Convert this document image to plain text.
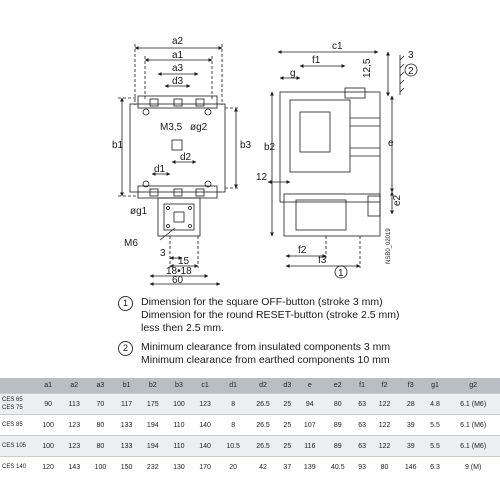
a2
a1
a3
d3
M3,5 øg2
b1	b3
d2
d1
øg1
M6
3
15
18•18
60
c1
f1
g	12,5
3
2
b2	e
12
e2
f2
f3
1
NSB0_02019
1	Dimension for the square OFF-button (stroke 3 mm)
Dimension for the round RESET-button (stroke 2.5 mm)
less then 2.5 mm.
2	Minimum clearance from insulated components 3 mm
Minimum clearance from earthed components 10 mm
	a1	a2	a3	b1	b2	b3	c1	d1	d2	d3	e	e2	f1	f2	f3	g1	g2

CES 65
CES 75	90	113	70	117	175	100	123	8	26.5	25	94	80	63	122	28	4.8	6.1 (M6)

CES 85	100	123	80	133	194	110	140	8	26.5	25	107	89	63	122	39	5.5	6.1 (M6)

CES 105	100	123	80	133	194	110	140	10.5	26.5	25	116	89	63	122	39	5.5	6.1 (M6)

CES 140	120	143	100	150	232	130	170	20	42	37	139	40.5	93	80	146	6.3	9 (M)
